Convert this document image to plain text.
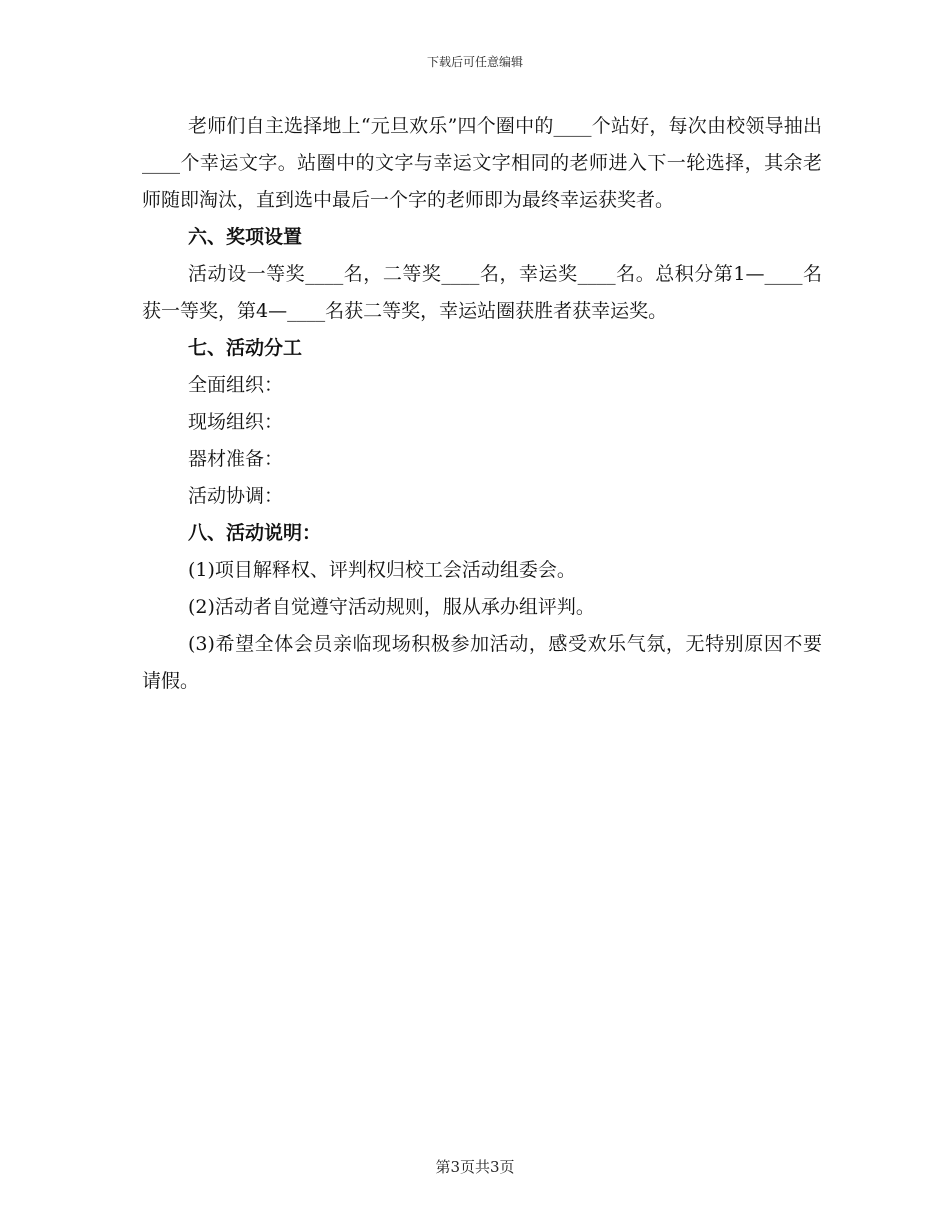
下载后可任意编辑

老师们自主选择地上“元旦欢乐”四个圈中的____个站好，每次由校领导抽出____个幸运文字。站圈中的文字与幸运文字相同的老师进入下一轮选择，其余老师随即淘汰，直到选中最后一个字的老师即为最终幸运获奖者。

六、奖项设置

活动设一等奖____名，二等奖____名，幸运奖____名。总积分第1—____名获一等奖，第4—____名获二等奖，幸运站圈获胜者获幸运奖。

七、活动分工

全面组织：

现场组织：

器材准备：

活动协调：

八、活动说明：

(1)项目解释权、评判权归校工会活动组委会。

(2)活动者自觉遵守活动规则，服从承办组评判。

(3)希望全体会员亲临现场积极参加活动，感受欢乐气氛，无特别原因不要请假。

第3页共3页
